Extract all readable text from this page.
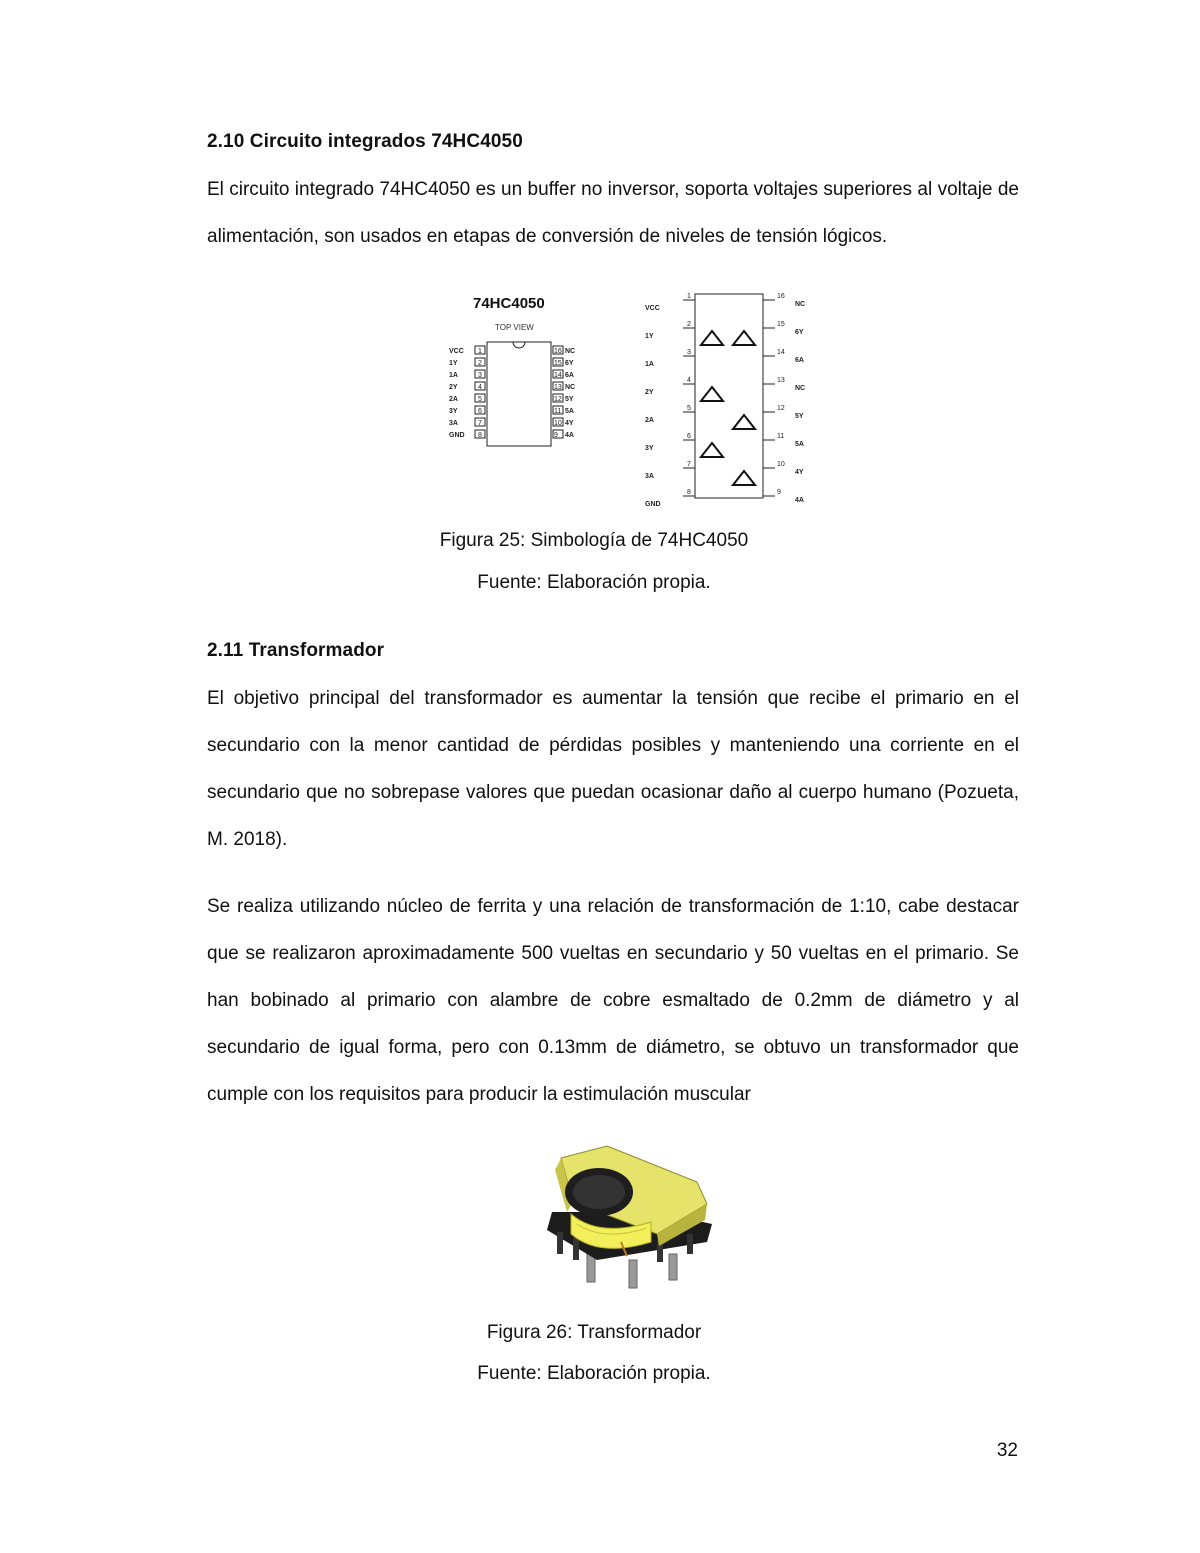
2.10 Circuito integrados 74HC4050

El circuito integrado 74HC4050 es un buffer no inversor, soporta voltajes superiores al voltaje de alimentación, son usados en etapas de conversión de niveles de tensión lógicos.

74HC4050
TOP VIEW
VCC 1
1Y	2
1A	3
2Y	4
2A	5
3Y	6
3A	7
GND 8
16 NC
15 6Y
14 6A
13 NC
12 5Y
11 5A
10 4Y
9 4A
VCC
1
1Y
2
1A
3
2Y
4
2A
5
3Y
6
3A
7
GND
8
16
NC
15
6Y
14
6A
13
NC
12
5Y
11
5A
10
4Y
9
4A

Figura 25: Simbología de 74HC4050

Fuente: Elaboración propia.

2.11 Transformador

El objetivo principal del transformador es aumentar la tensión que recibe el primario en el secundario con la menor cantidad de pérdidas posibles y manteniendo una corriente en el secundario que no sobrepase valores que puedan ocasionar daño al cuerpo humano (Pozueta, M. 2018).

Se realiza utilizando núcleo de ferrita y una relación de transformación de 1:10, cabe destacar que se realizaron aproximadamente 500 vueltas en secundario y 50 vueltas en el primario. Se han bobinado al primario con alambre de cobre esmaltado de 0.2mm de diámetro y al secundario de igual forma, pero con 0.13mm de diámetro, se obtuvo un transformador que cumple con los requisitos para producir la estimulación muscular

Figura 26: Transformador

Fuente: Elaboración propia.

32
